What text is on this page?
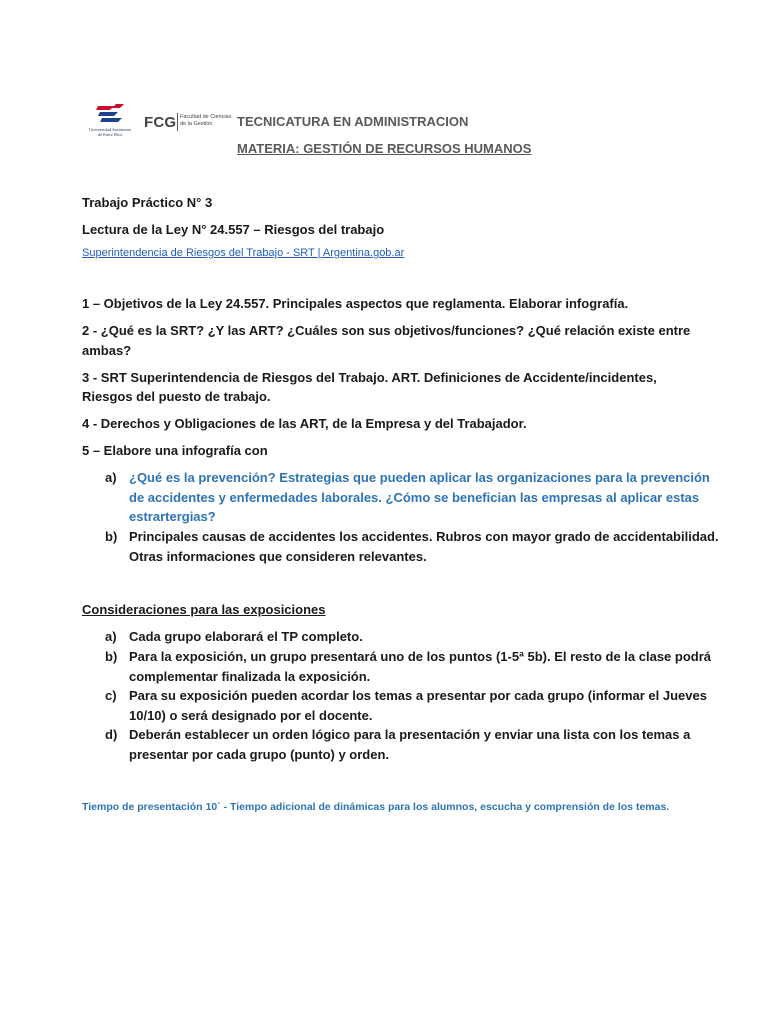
Universidad Autónoma
de Entre Ríos
FCG Facultad de Ciencias
de la Gestión	TECNICATURA EN ADMINISTRACION
MATERIA: GESTIÓN DE RECURSOS HUMANOS
Trabajo Práctico N° 3
Lectura de la Ley N° 24.557 – Riesgos del trabajo
Superintendencia de Riesgos del Trabajo - SRT | Argentina.gob.ar
1 – Objetivos de la Ley 24.557. Principales aspectos que reglamenta. Elaborar infografía.
2 - ¿Qué es la SRT? ¿Y las ART? ¿Cuáles son sus objetivos/funciones? ¿Qué relación existe entre
ambas?
3 - SRT Superintendencia de Riesgos del Trabajo. ART. Definiciones de Accidente/incidentes,
Riesgos del puesto de trabajo.
4 - Derechos y Obligaciones de las ART, de la Empresa y del Trabajador.
5 – Elabore una infografía con
a) ¿Qué es la prevención? Estrategias que pueden aplicar las organizaciones para la prevención de accidentes y enfermedades laborales. ¿Cómo se benefician las empresas al aplicar estas estrartergias?
b) Principales causas de accidentes los accidentes. Rubros con mayor grado de accidentabilidad. Otras informaciones que consideren relevantes.
Consideraciones para las exposiciones
a) Cada grupo elaborará el TP completo.
b) Para la exposición, un grupo presentará uno de los puntos (1-5ª 5b). El resto de la clase podrá complementar finalizada la exposición.
c) Para su exposición pueden acordar los temas a presentar por cada grupo (informar el Jueves 10/10) o será designado por el docente.
d) Deberán establecer un orden lógico para la presentación y enviar una lista con los temas a presentar por cada grupo (punto) y orden.
Tiempo de presentación 10´ - Tiempo adicional de dinámicas para los alumnos, escucha y comprensión de los temas.
